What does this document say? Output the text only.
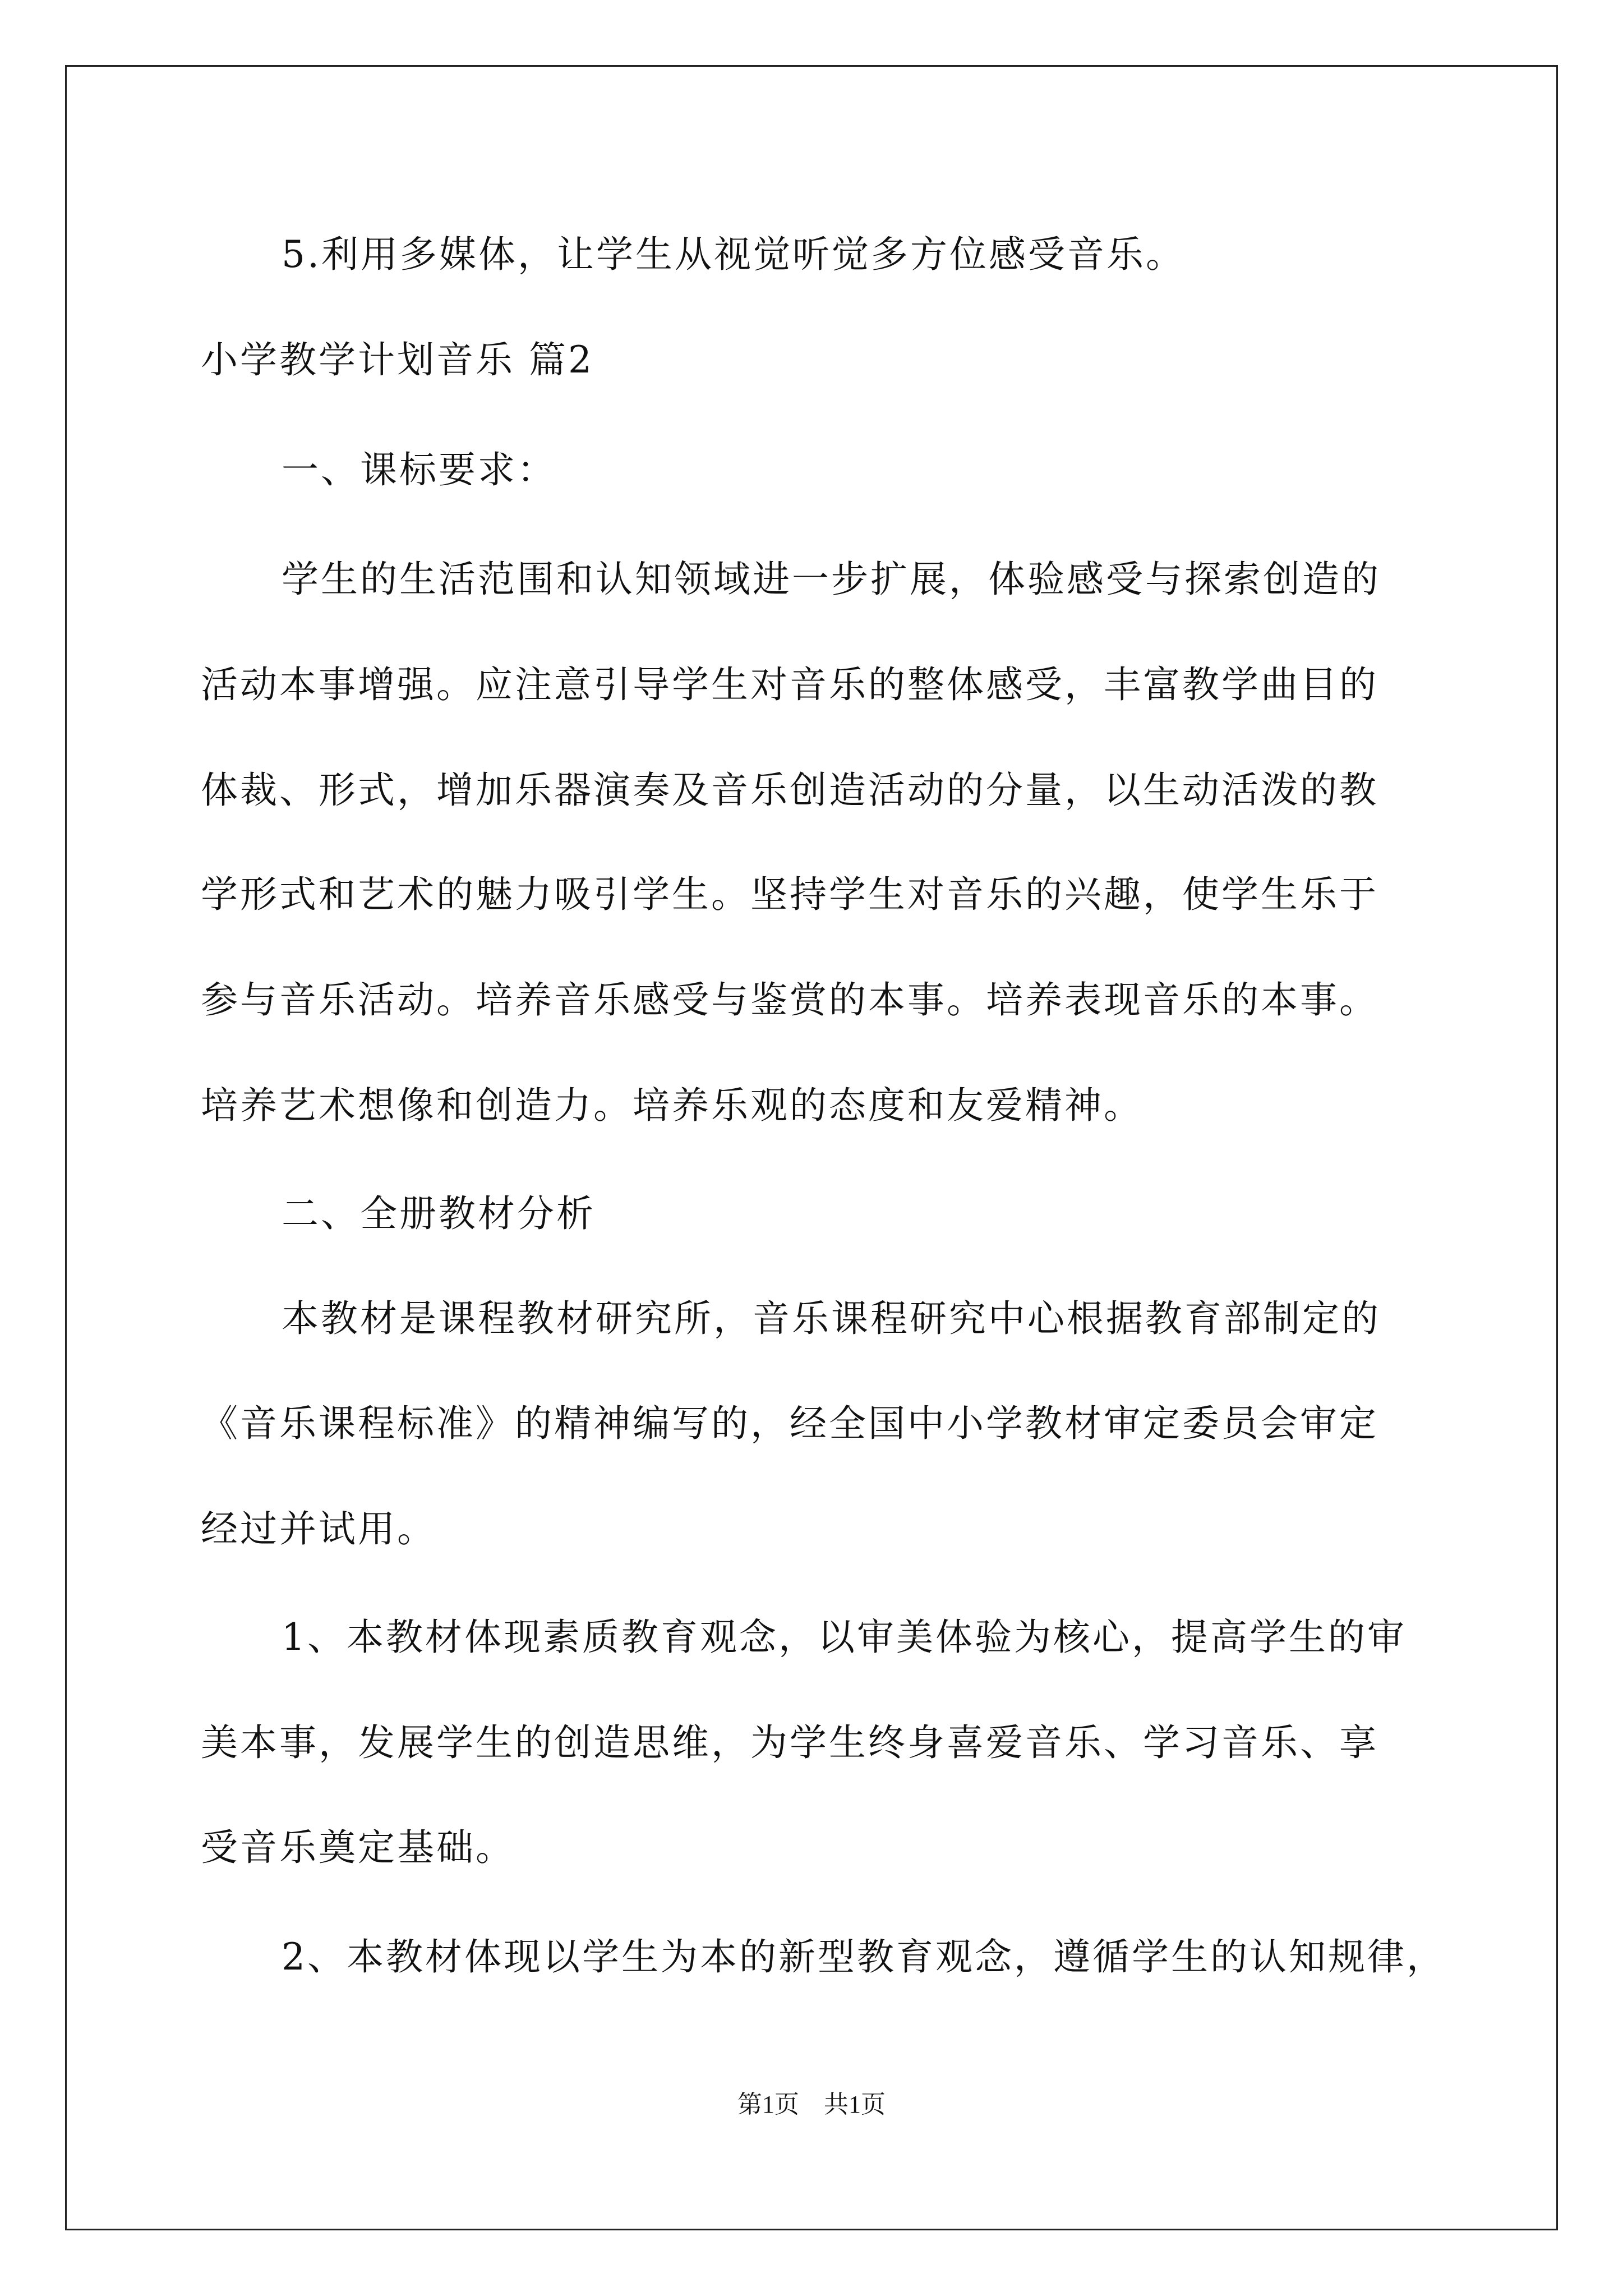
5.利用多媒体，让学生从视觉听觉多方位感受音乐。
小学教学计划音乐 篇2
一、课标要求：
学生的生活范围和认知领域进一步扩展，体验感受与探索创造的
活动本事增强。应注意引导学生对音乐的整体感受，丰富教学曲目的
体裁、形式，增加乐器演奏及音乐创造活动的分量，以生动活泼的教
学形式和艺术的魅力吸引学生。坚持学生对音乐的兴趣，使学生乐于
参与音乐活动。培养音乐感受与鉴赏的本事。培养表现音乐的本事。
培养艺术想像和创造力。培养乐观的态度和友爱精神。
二、全册教材分析
本教材是课程教材研究所，音乐课程研究中心根据教育部制定的
《音乐课程标准》的精神编写的，经全国中小学教材审定委员会审定
经过并试用。
1、本教材体现素质教育观念，以审美体验为核心，提高学生的审
美本事，发展学生的创造思维，为学生终身喜爱音乐、学习音乐、享
受音乐奠定基础。
2、本教材体现以学生为本的新型教育观念，遵循学生的认知规律，
第1页　共1页
